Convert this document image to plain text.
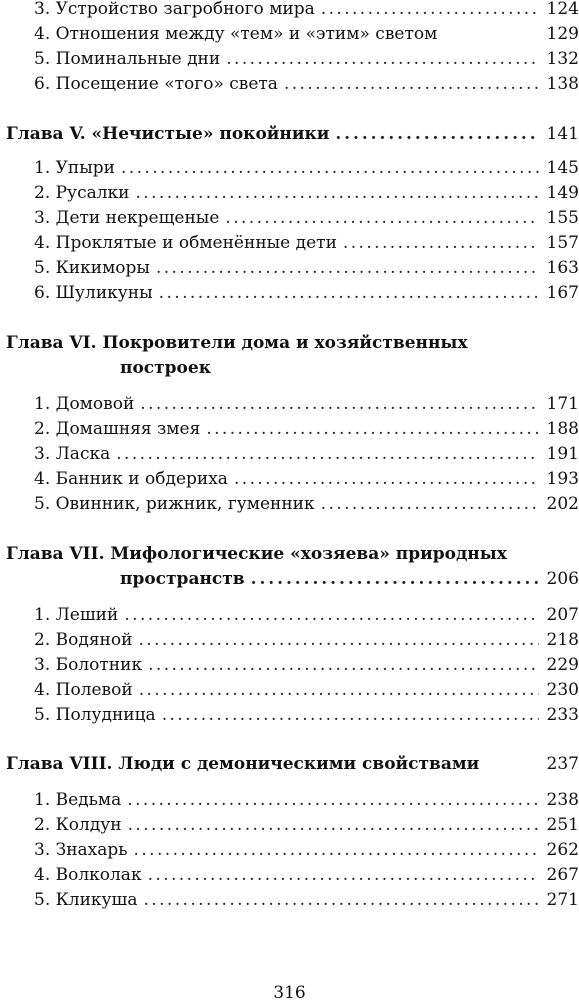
3. Устройство загробного мира . . .	124
4. Отношения между «тем» и «этим» светом	129
5. Поминальные дни . . .	132
6. Посещение «того» света . . .	138
Глава V. «Нечистые» покойники . . .	141
1. Упыри . . .	145
2. Русалки . . .	149
3. Дети некрещеные . . .	155
4. Проклятые и обменённые дети . . .	157
5. Кикиморы . . .	163
6. Шуликуны . . .	167
Глава VI. Покровители дома и хозяйственных
построек
1. Домовой . . .	171
2. Домашняя змея . . .	188
3. Ласка . . .	191
4. Банник и обдериха . . .	193
5. Овинник, рижник, гуменник . . .	202
Глава VII. Мифологические «хозяева» природных
пространств . . .	206
1. Леший . . .	207
2. Водяной . . .	218
3. Болотник . . .	229
4. Полевой . . .	230
5. Полудница . . .	233
Глава VIII. Люди с демоническими свойствами	237
1. Ведьма . . .	238
2. Колдун . . .	251
3. Знахарь . . .	262
4. Волколак . . .	267
5. Кликуша . . .	271
316
